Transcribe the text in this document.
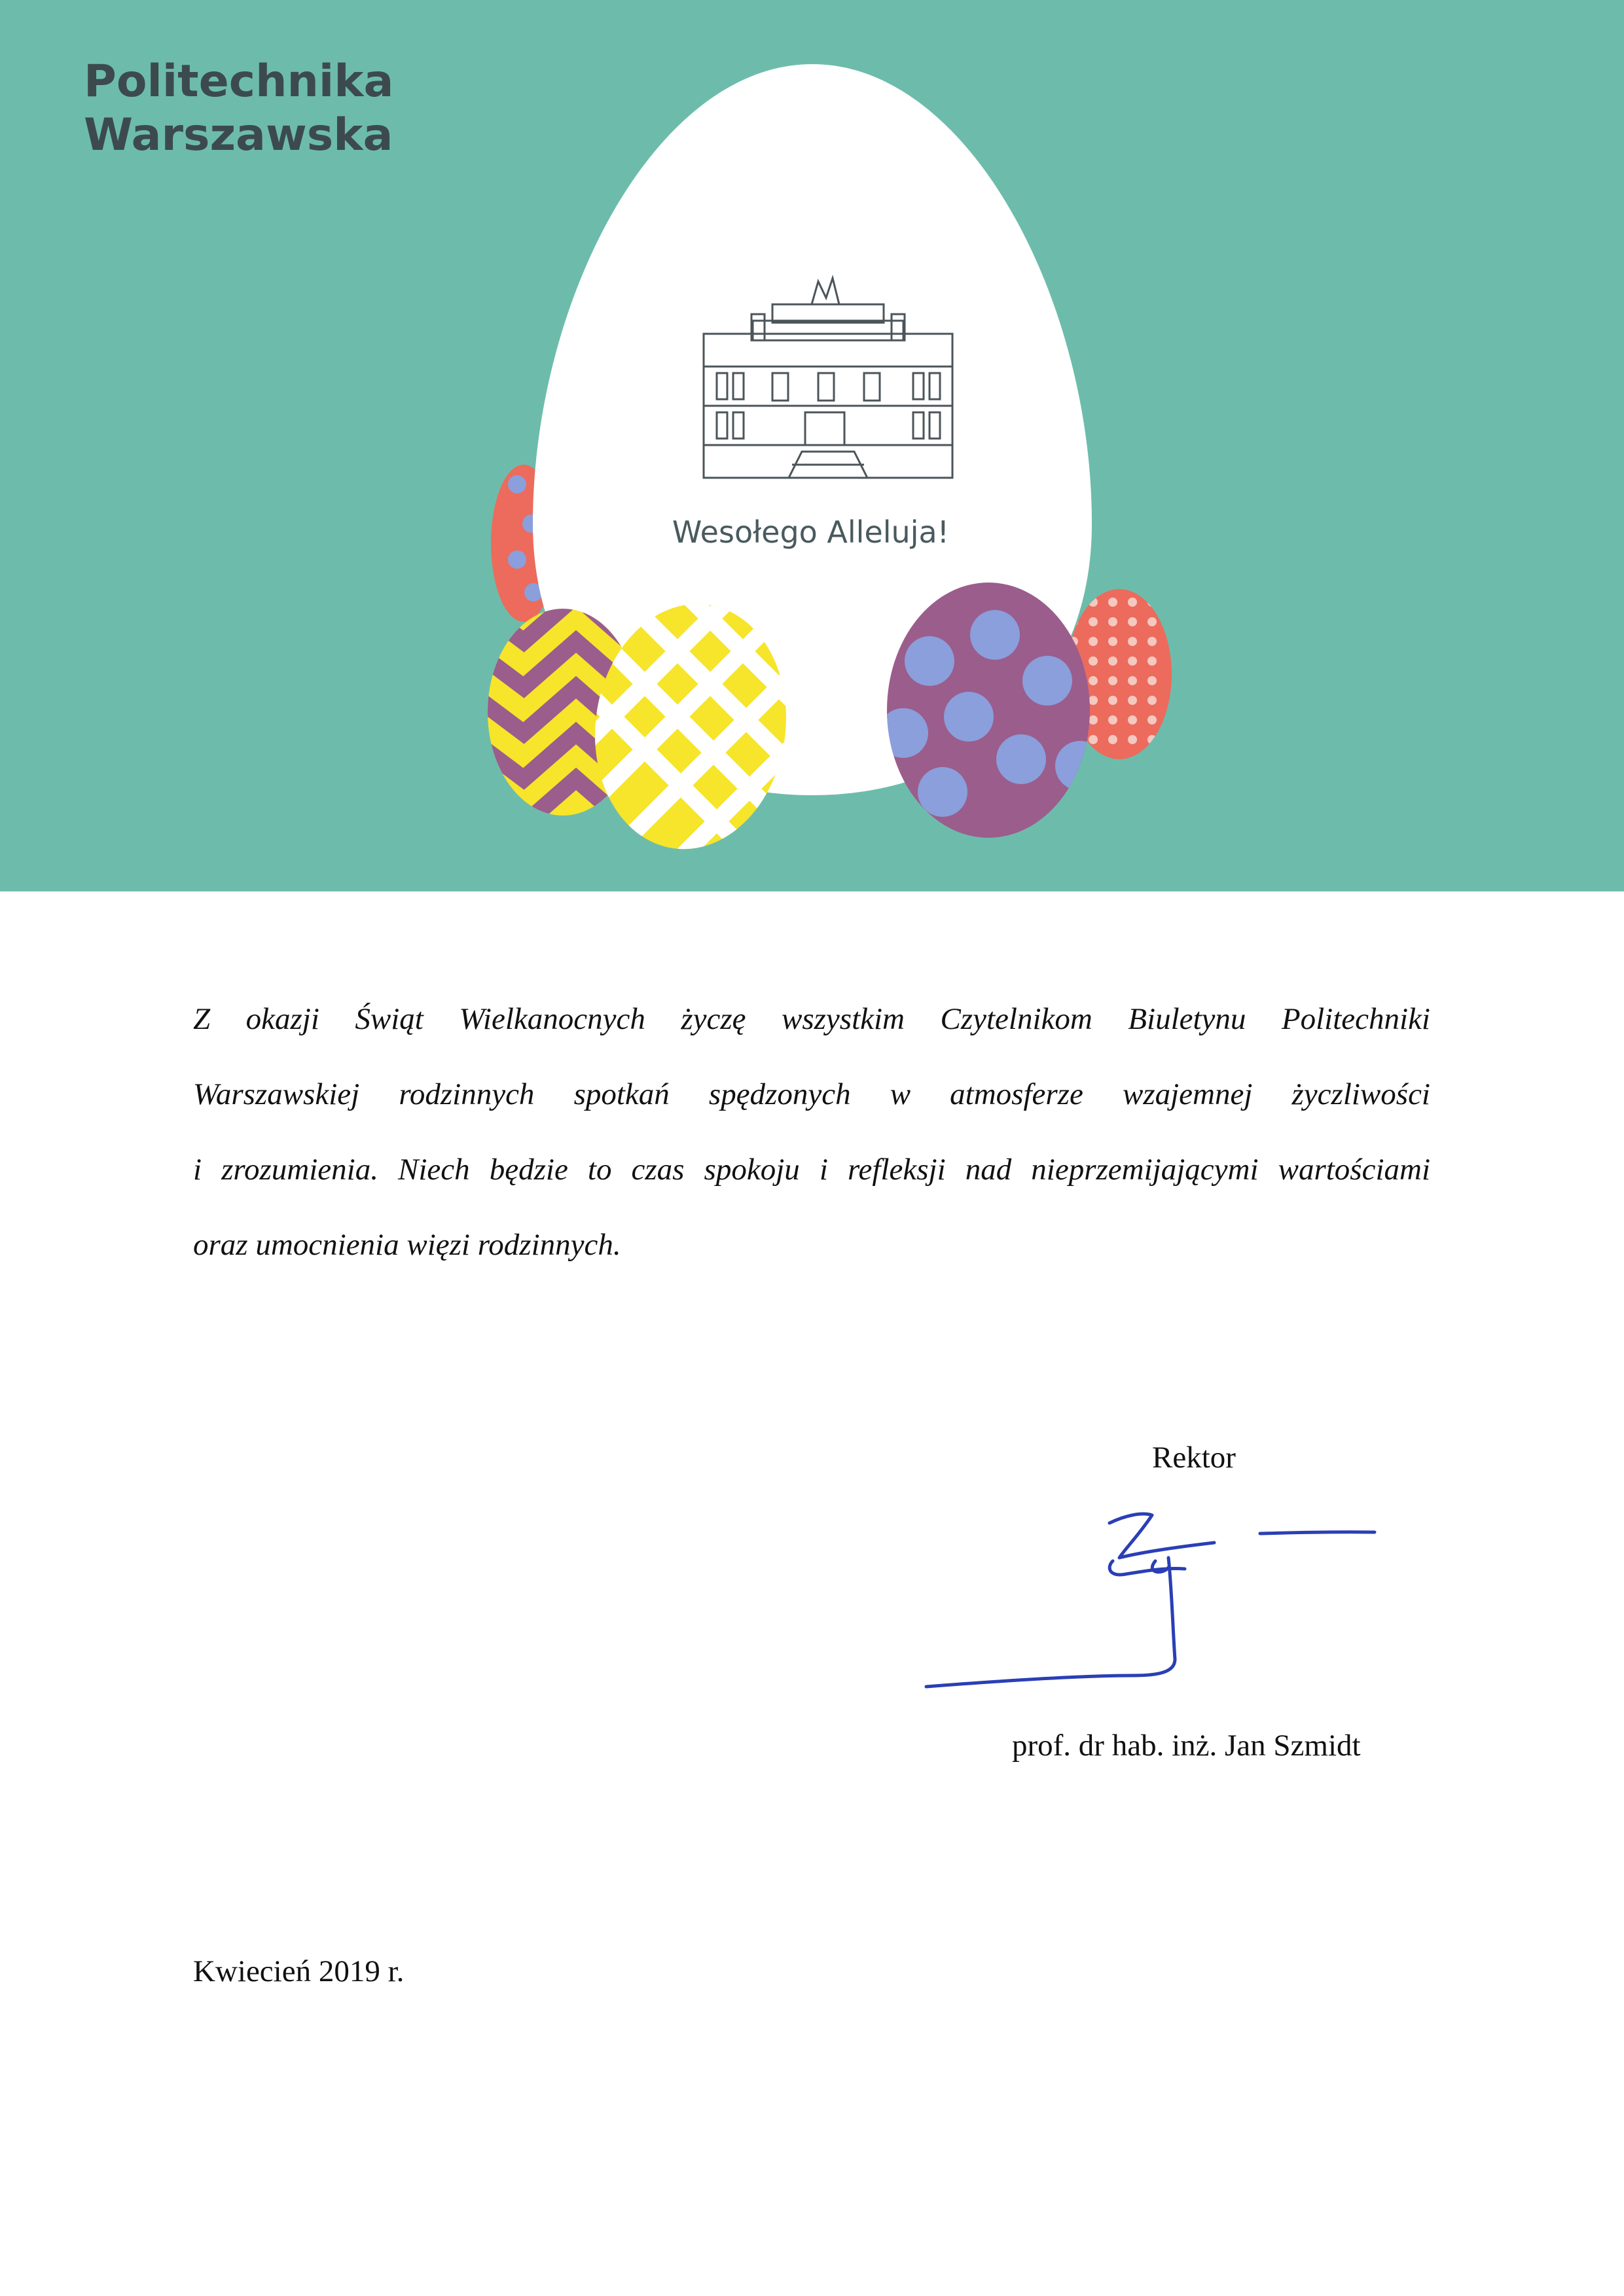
Politechnika
Warszawska
Wesołego Alleluja!
Z okazji Świąt Wielkanocnych życzę wszystkim Czytelnikom Biuletynu Politechniki
Warszawskiej rodzinnych spotkań spędzonych w atmosferze wzajemnej życzliwości
i zrozumienia. Niech będzie to czas spokoju i refleksji nad nieprzemijającymi wartościami
oraz umocnienia więzi rodzinnych.
Rektor
prof. dr hab. inż. Jan Szmidt
Kwiecień 2019 r.
